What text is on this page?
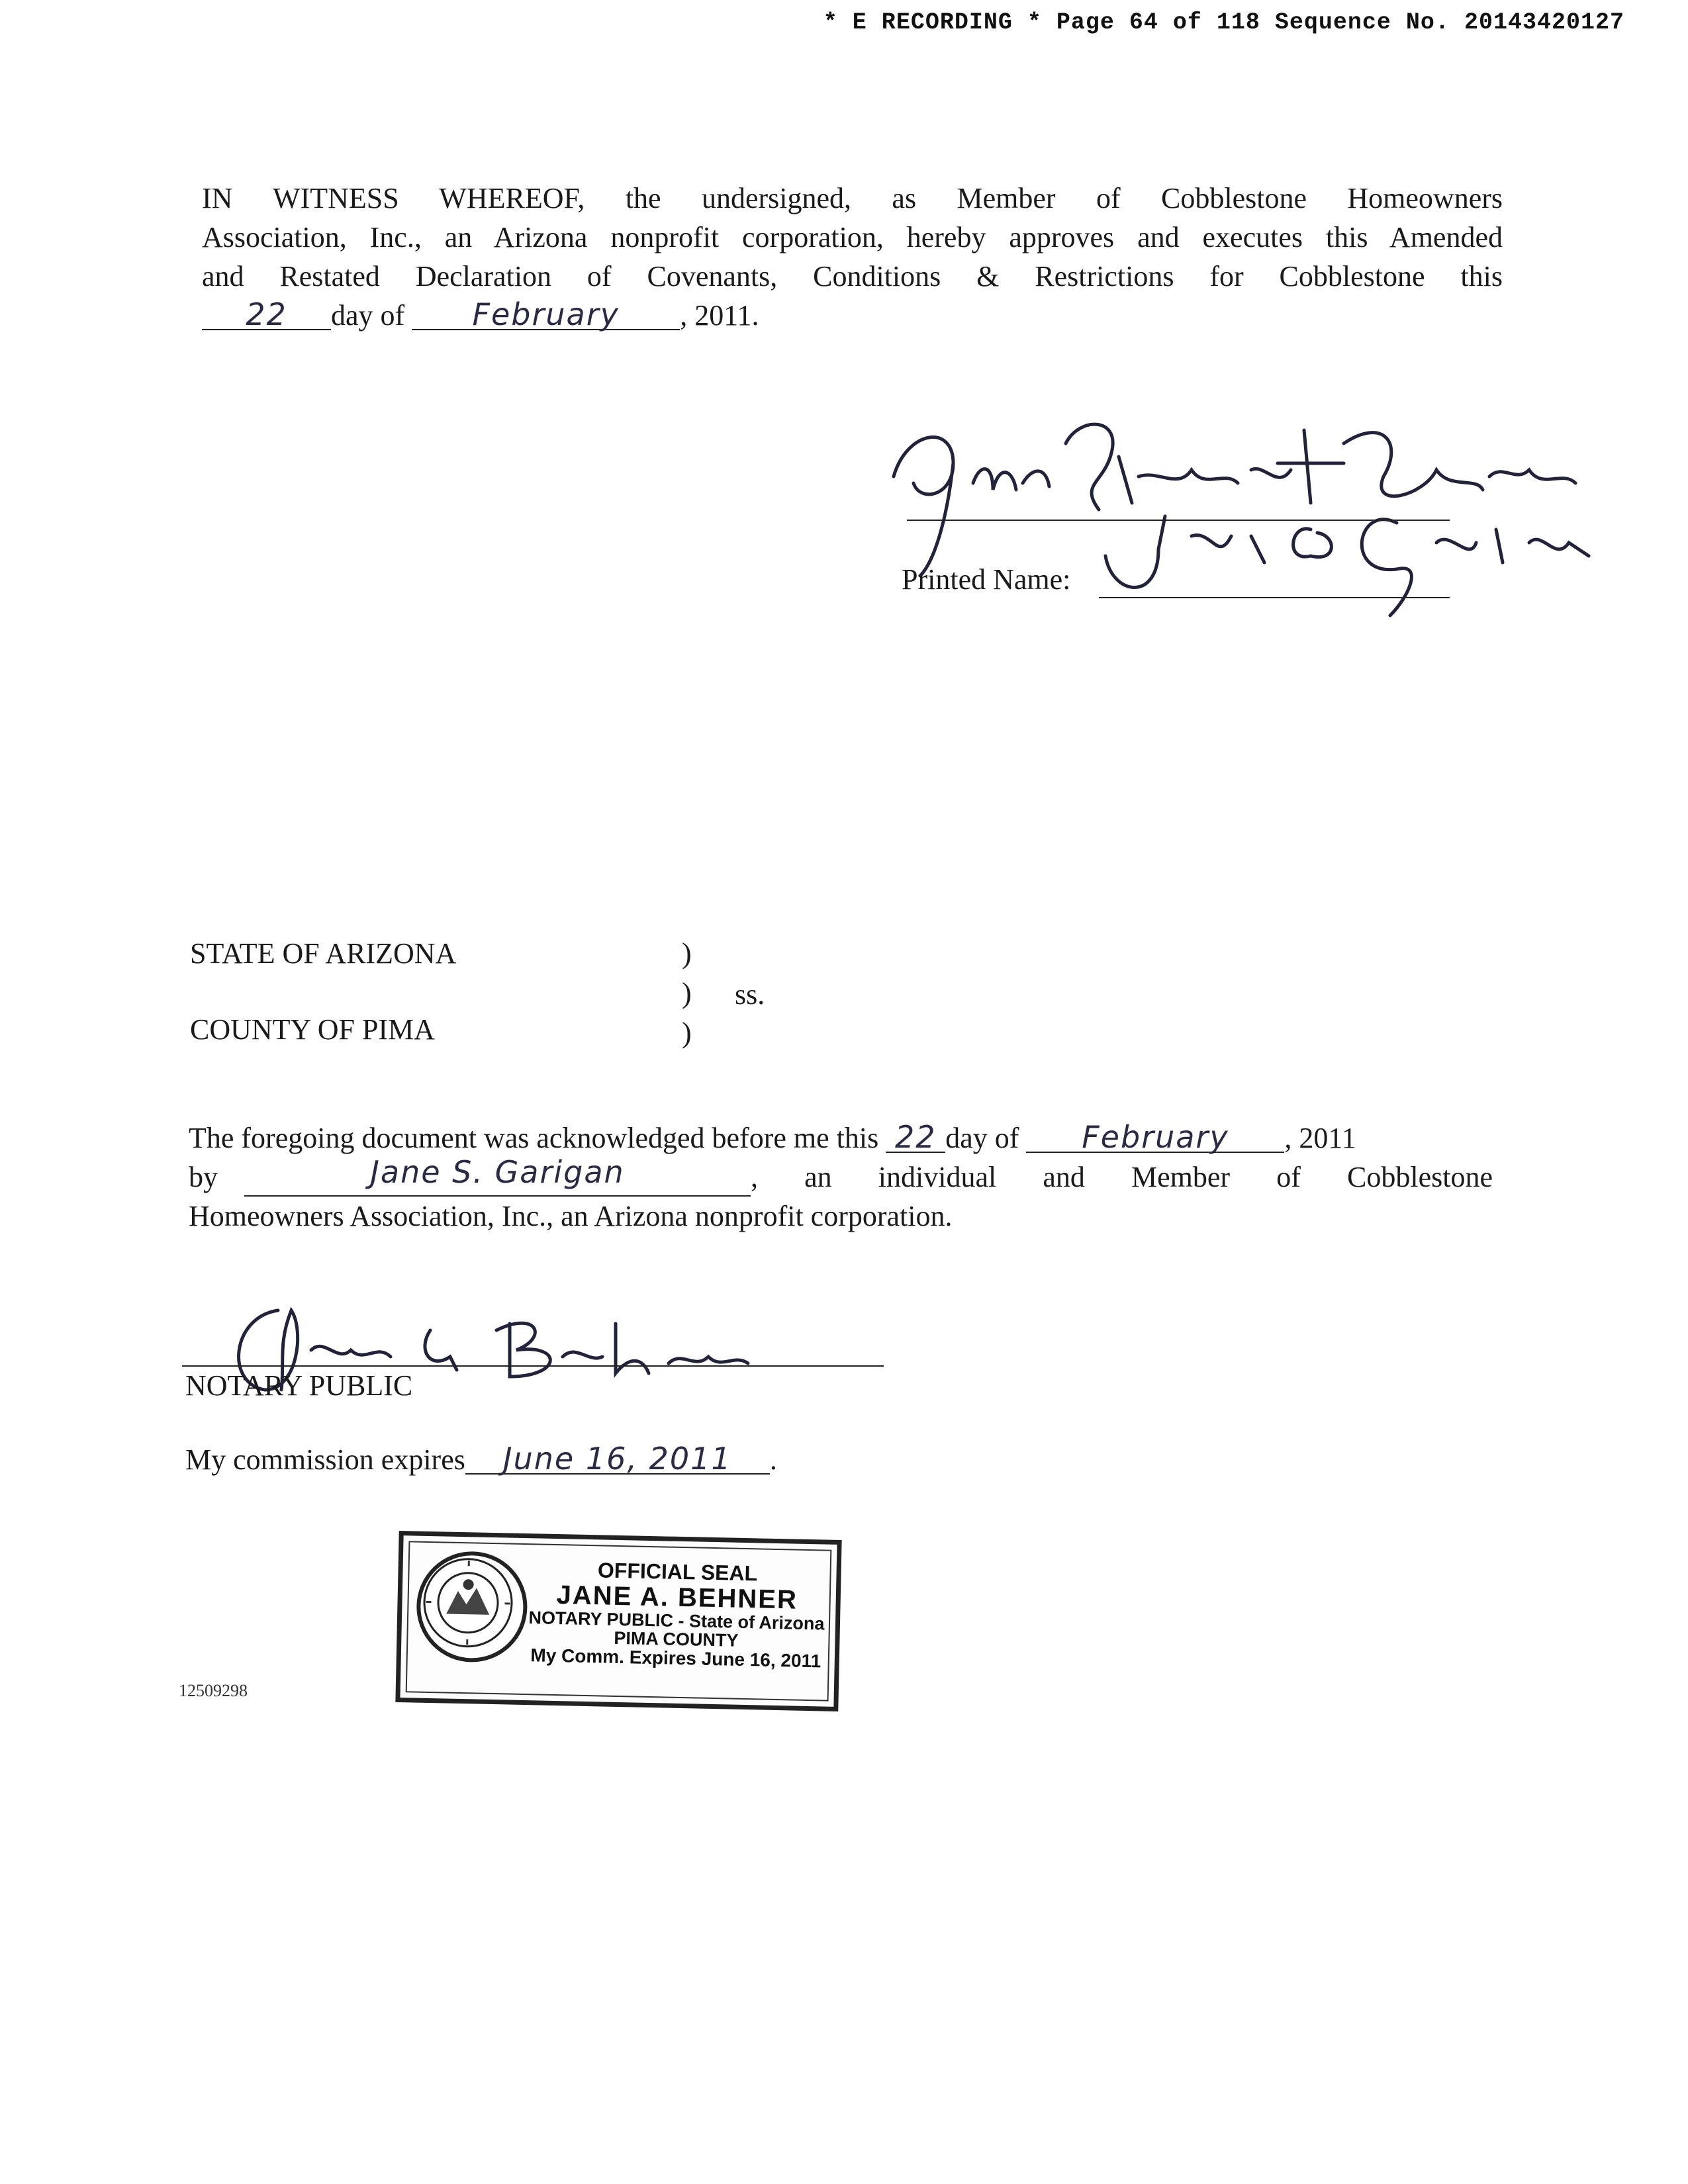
* E RECORDING * Page 64 of 118 Sequence No. 20143420127
IN WITNESS WHEREOF, the undersigned, as Member of Cobblestone Homeowners
Association, Inc., an Arizona nonprofit corporation, hereby approves and executes this Amended
and Restated Declaration of Covenants, Conditions & Restrictions for Cobblestone this
22 day of February , 2011.
Printed Name:
STATE OF ARIZONA
COUNTY OF PIMA
)
)
)
ss.
The foregoing document was acknowledged before me this 22 day of February , 2011
by	Jane S. Garigan	, an individual and Member of Cobblestone
Homeowners Association, Inc., an Arizona nonprofit corporation.
NOTARY PUBLIC
My commission expires June 16, 2011 .
OFFICIAL SEAL
JANE A. BEHNER
NOTARY PUBLIC - State of Arizona
PIMA COUNTY
My Comm. Expires June 16, 2011
12509298
